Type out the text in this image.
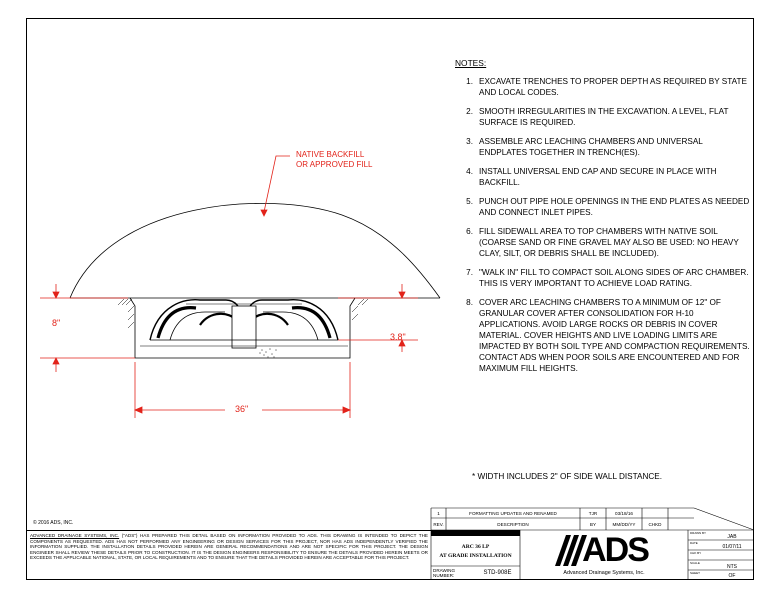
NATIVE BACKFILL
OR APPROVED FILL
8"
3.8"
36"
NOTES:
1. EXCAVATE TRENCHES TO PROPER DEPTH AS REQUIRED BY STATE AND LOCAL CODES.
2. SMOOTH IRREGULARITIES IN THE EXCAVATION. A LEVEL, FLAT SURFACE IS REQUIRED.
3. ASSEMBLE ARC LEACHING CHAMBERS AND UNIVERSAL ENDPLATES TOGETHER IN TRENCH(ES).
4. INSTALL UNIVERSAL END CAP AND SECURE IN PLACE WITH BACKFILL.
5. PUNCH OUT PIPE HOLE OPENINGS IN THE END PLATES AS NEEDED AND CONNECT INLET PIPES.
6. FILL SIDEWALL AREA TO TOP CHAMBERS WITH NATIVE SOIL (COARSE SAND OR FINE GRAVEL MAY ALSO BE USED: NO HEAVY CLAY, SILT, OR DEBRIS SHALL BE INCLUDED).
7. "WALK IN" FILL TO COMPACT SOIL ALONG SIDES OF ARC CHAMBER. THIS IS VERY IMPORTANT TO ACHIEVE LOAD RATING.
8. COVER ARC LEACHING CHAMBERS TO A MINIMUM OF 12" OF GRANULAR COVER AFTER CONSOLIDATION FOR H-10 APPLICATIONS. AVOID LARGE ROCKS OR DEBRIS IN COVER MATERIAL. COVER HEIGHTS AND LIVE LOADING LIMITS ARE IMPACTED BY BOTH SOIL TYPE AND COMPACTION REQUIREMENTS. CONTACT ADS WHEN POOR SOILS ARE ENCOUNTERED AND FOR MAXIMUM FILL HEIGHTS.
* WIDTH INCLUDES 2" OF SIDE WALL DISTANCE.
© 2016 ADS, INC.
ADVANCED DRAINAGE SYSTEMS, INC. ("ADS") HAS PREPARED THIS DETAIL BASED ON INFORMATION PROVIDED TO ADS. THIS DRAWING IS INTENDED TO DEPICT THE COMPONENTS AS REQUESTED. ADS HAS NOT PERFORMED ANY ENGINEERING OR DESIGN SERVICES FOR THIS PROJECT, NOR HAS ADS INDEPENDENTLY VERIFIED THE INFORMATION SUPPLIED. THE INSTALLATION DETAILS PROVIDED HEREIN ARE GENERAL RECOMMENDATIONS AND ARE NOT SPECIFIC FOR THIS PROJECT. THE DESIGN ENGINEER SHALL REVIEW THESE DETAILS PRIOR TO CONSTRUCTION. IT IS THE DESIGN ENGINEERS RESPONSIBILITY TO ENSURE THE DETAILS PROVIDED HEREIN MEETS OR EXCEEDS THE APPLICABLE NATIONAL, STATE, OR LOCAL REQUIREMENTS AND TO ENSURE THAT THE DETAILS PROVIDED HEREIN ARE ACCEPTABLE FOR THIS PROJECT.
1	FORMATTING UPDATES AND RENAMED	TJR	03/18/16
REV.	DESCRIPTION	BY	MM/DD/YY	CHKD
ARC 36 LP
AT GRADE INSTALLATION
DRAWING NUMBER:	STD-908E
ADS
Advanced Drainage Systems, Inc.
DRAWN BY
JAB
DATE
01/07/11
CHK BY
SCALE
NTS
SHEET	OF
